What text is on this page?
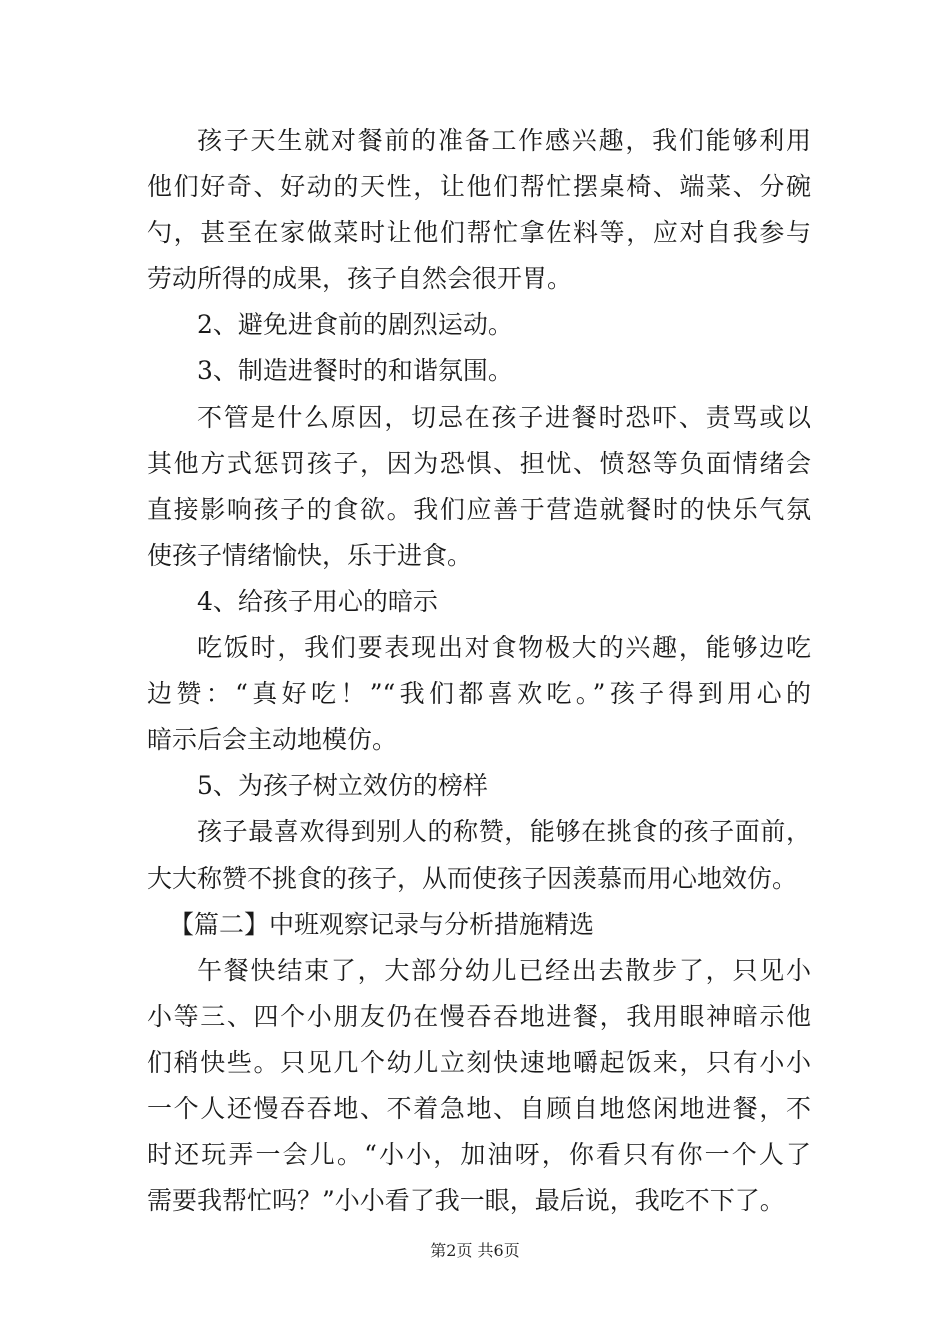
孩子天生就对餐前的准备工作感兴趣，我们能够利用
他们好奇、好动的天性，让他们帮忙摆桌椅、端菜、分碗
勺，甚至在家做菜时让他们帮忙拿佐料等，应对自我参与
劳动所得的成果，孩子自然会很开胃。
2、避免进食前的剧烈运动。
3、制造进餐时的和谐氛围。
不管是什么原因，切忌在孩子进餐时恐吓、责骂或以
其他方式惩罚孩子，因为恐惧、担忧、愤怒等负面情绪会
直接影响孩子的食欲。我们应善于营造就餐时的快乐气氛
使孩子情绪愉快，乐于进食。
4、给孩子用心的暗示
吃饭时，我们要表现出对食物极大的兴趣，能够边吃
边赞：“真好吃！”“我们都喜欢吃。”孩子得到用心的
暗示后会主动地模仿。
5、为孩子树立效仿的榜样
孩子最喜欢得到别人的称赞，能够在挑食的孩子面前，
大大称赞不挑食的孩子，从而使孩子因羡慕而用心地效仿。
【篇二】中班观察记录与分析措施精选
午餐快结束了，大部分幼儿已经出去散步了，只见小
小等三、四个小朋友仍在慢吞吞地进餐，我用眼神暗示他
们稍快些。只见几个幼儿立刻快速地嚼起饭来，只有小小
一个人还慢吞吞地、不着急地、自顾自地悠闲地进餐，不
时还玩弄一会儿。“小小，加油呀，你看只有你一个人了
需要我帮忙吗？”小小看了我一眼，最后说，我吃不下了。
第2页 共6页
